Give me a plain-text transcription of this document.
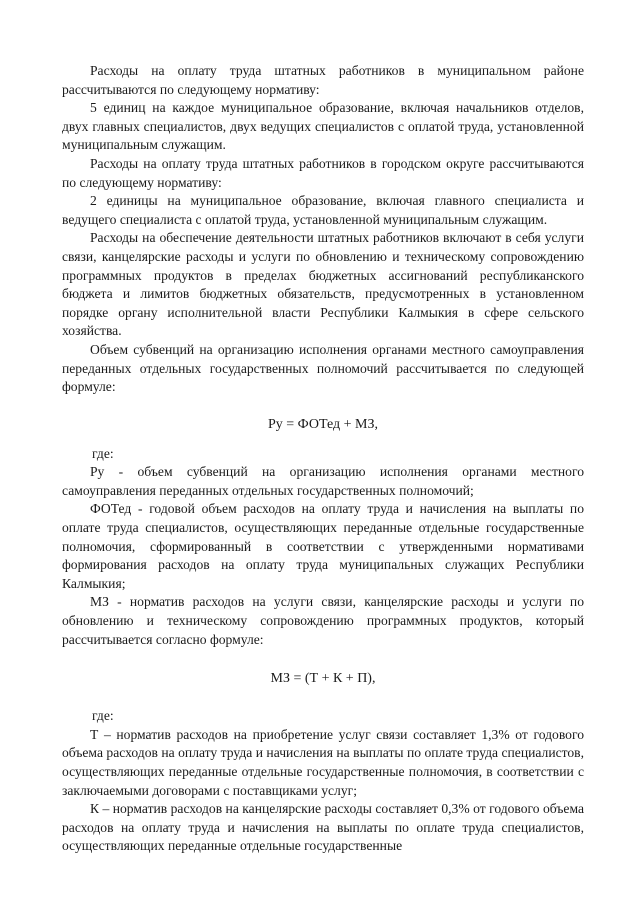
Расходы на оплату труда штатных работников в муниципальном районе рассчитываются по следующему нормативу:

5 единиц на каждое муниципальное образование, включая начальников отделов, двух главных специалистов, двух ведущих специалистов с оплатой труда, установленной муниципальным служащим.

Расходы на оплату труда штатных работников в городском округе рассчитываются по следующему нормативу:

2 единицы на муниципальное образование, включая главного специалиста и ведущего специалиста с оплатой труда, установленной муниципальным служащим.

Расходы на обеспечение деятельности штатных работников включают в себя услуги связи, канцелярские расходы и услуги по обновлению и техническому сопровождению программных продуктов в пределах бюджетных ассигнований республиканского бюджета и лимитов бюджетных обязательств, предусмотренных в установленном порядке органу исполнительной власти Республики Калмыкия в сфере сельского хозяйства.

Объем субвенций на организацию исполнения органами местного самоуправления переданных отдельных государственных полномочий рассчитывается по следующей формуле:

Ру = ФОТед + МЗ,

где:

Ру - объем субвенций на организацию исполнения органами местного самоуправления переданных отдельных государственных полномочий;

ФОТед - годовой объем расходов на оплату труда и начисления на выплаты по оплате труда специалистов, осуществляющих переданные отдельные государственные полномочия, сформированный в соответствии с утвержденными нормативами формирования расходов на оплату труда муниципальных служащих Республики Калмыкия;

МЗ - норматив расходов на услуги связи, канцелярские расходы и услуги по обновлению и техническому сопровождению программных продуктов, который рассчитывается согласно формуле:

МЗ = (Т + К + П),

где:

Т – норматив расходов на приобретение услуг связи составляет 1,3% от годового объема расходов на оплату труда и начисления на выплаты по оплате труда специалистов, осуществляющих переданные отдельные государственные полномочия, в соответствии с заключаемыми договорами с поставщиками услуг;

К – норматив расходов на канцелярские расходы составляет 0,3% от годового объема расходов на оплату труда и начисления на выплаты по оплате труда специалистов, осуществляющих переданные отдельные государственные
